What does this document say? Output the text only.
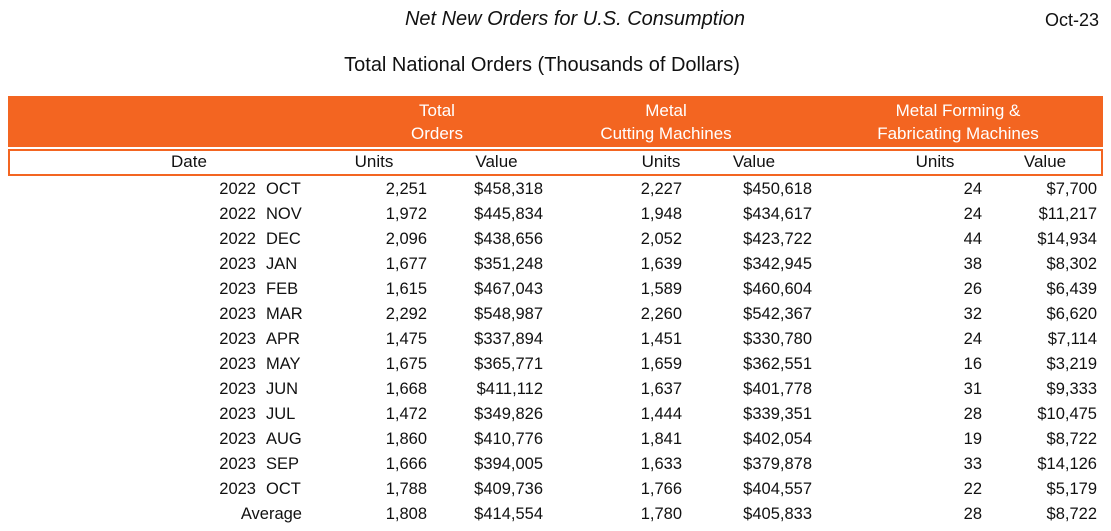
Net New Orders for U.S. Consumption	Oct-23
Total National Orders (Thousands of Dollars)
Total
Orders
Metal
Cutting Machines
Metal Forming &
Fabricating Machines
Date	Units	Value	Units	Value	Units	Value
2022 OCT	2,251	$458,318	2,227	$450,618	24	$7,700
2022 NOV	1,972	$445,834	1,948	$434,617	24	$11,217
2022 DEC	2,096	$438,656	2,052	$423,722	44	$14,934
2023 JAN	1,677	$351,248	1,639	$342,945	38	$8,302
2023 FEB	1,615	$467,043	1,589	$460,604	26	$6,439
2023 MAR	2,292	$548,987	2,260	$542,367	32	$6,620
2023 APR	1,475	$337,894	1,451	$330,780	24	$7,114
2023 MAY	1,675	$365,771	1,659	$362,551	16	$3,219
2023 JUN	1,668	$411,112	1,637	$401,778	31	$9,333
2023 JUL	1,472	$349,826	1,444	$339,351	28	$10,475
2023 AUG	1,860	$410,776	1,841	$402,054	19	$8,722
2023 SEP	1,666	$394,005	1,633	$379,878	33	$14,126
2023 OCT	1,788	$409,736	1,766	$404,557	22	$5,179
Average	1,808	$414,554	1,780	$405,833	28	$8,722
